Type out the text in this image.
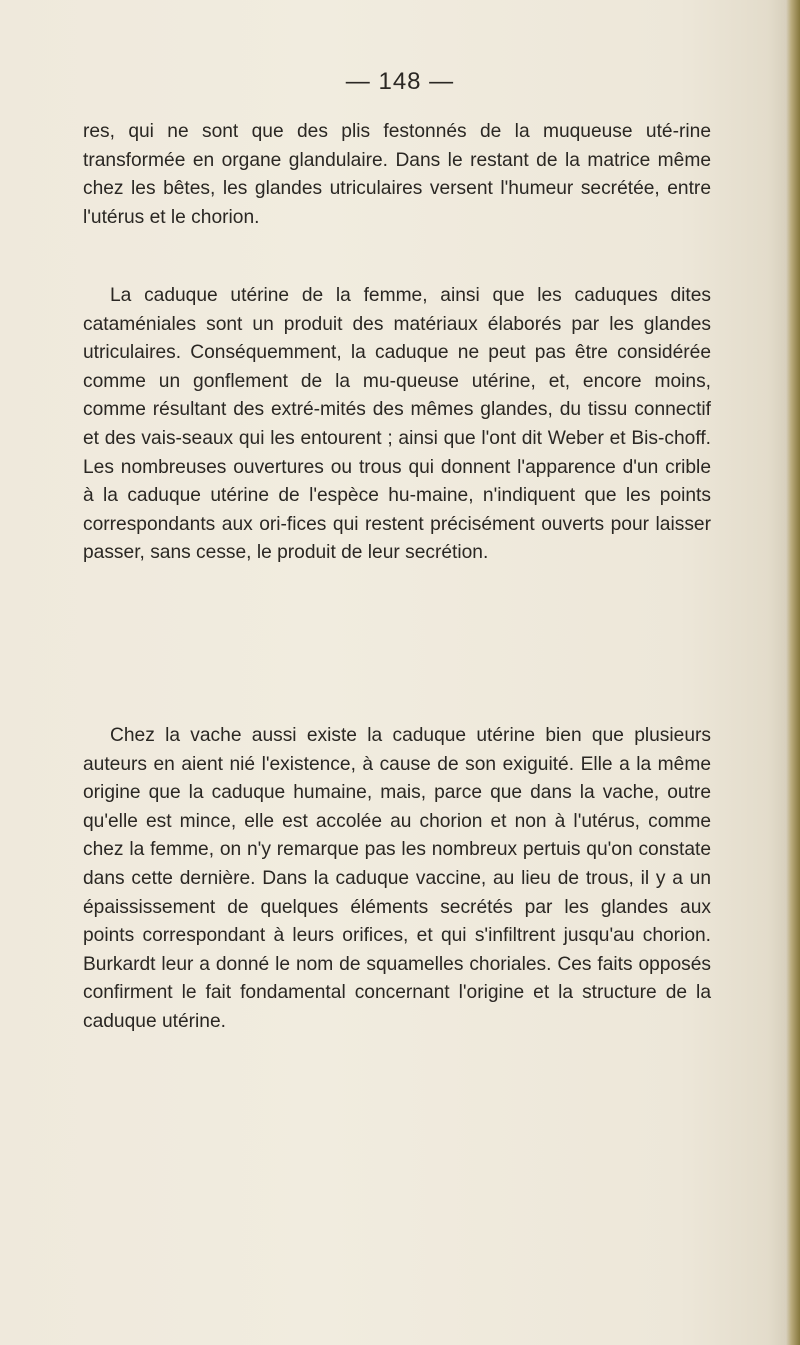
— 148 —

res, qui ne sont que des plis festonnés de la muqueuse uté-rine transformée en organe glandulaire. Dans le restant de la matrice même chez les bêtes, les glandes utriculaires versent l'humeur secrétée, entre l'utérus et le chorion.

La caduque utérine de la femme, ainsi que les caduques dites cataméniales sont un produit des matériaux élaborés par les glandes utriculaires. Conséquemment, la caduque ne peut pas être considérée comme un gonflement de la mu-queuse utérine, et, encore moins, comme résultant des extré-mités des mêmes glandes, du tissu connectif et des vais-seaux qui les entourent ; ainsi que l'ont dit Weber et Bis-choff. Les nombreuses ouvertures ou trous qui donnent l'apparence d'un crible à la caduque utérine de l'espèce hu-maine, n'indiquent que les points correspondants aux ori-fices qui restent précisément ouverts pour laisser passer, sans cesse, le produit de leur secrétion.

Chez la vache aussi existe la caduque utérine bien que plusieurs auteurs en aient nié l'existence, à cause de son exiguité. Elle a la même origine que la caduque humaine, mais, parce que dans la vache, outre qu'elle est mince, elle est accolée au chorion et non à l'utérus, comme chez la femme, on n'y remarque pas les nombreux pertuis qu'on constate dans cette dernière. Dans la caduque vaccine, au lieu de trous, il y a un épaississement de quelques éléments secrétés par les glandes aux points correspondant à leurs orifices, et qui s'infiltrent jusqu'au chorion. Burkardt leur a donné le nom de squamelles choriales. Ces faits opposés confirment le fait fondamental concernant l'origine et la structure de la caduque utérine.
